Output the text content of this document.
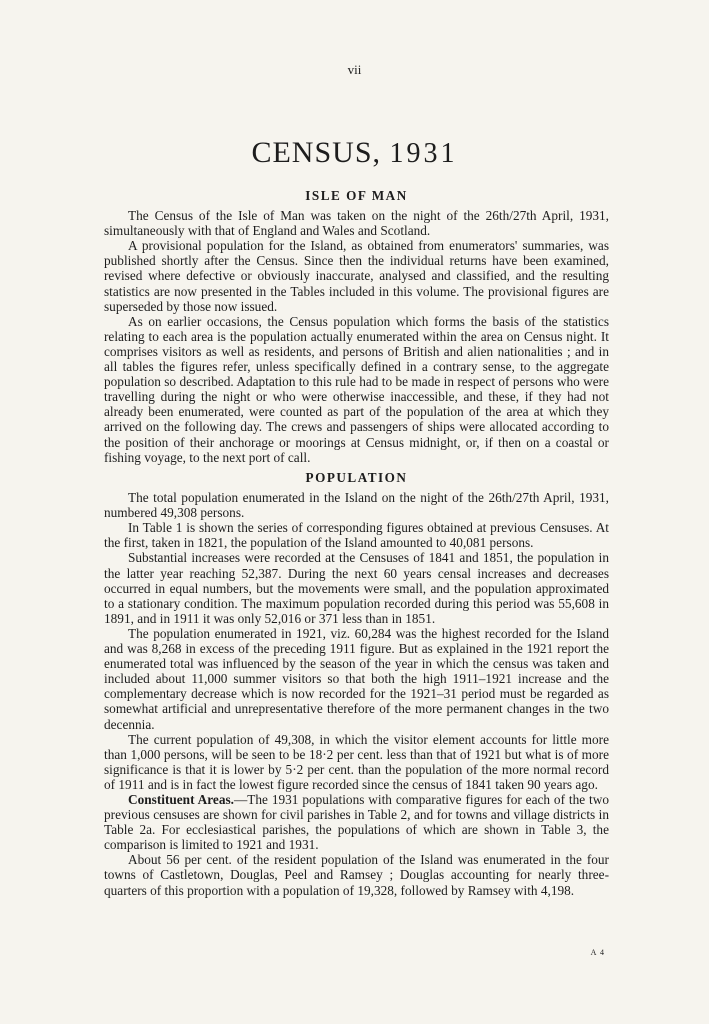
vii
CENSUS, 1931
ISLE OF MAN

The Census of the Isle of Man was taken on the night of the 26th/27th April, 1931, simultaneously with that of England and Wales and Scotland.

A provisional population for the Island, as obtained from enumerators' summaries, was published shortly after the Census. Since then the individual returns have been examined, revised where defective or obviously inaccurate, analysed and classified, and the resulting statistics are now presented in the Tables included in this volume. The provisional figures are superseded by those now issued.

As on earlier occasions, the Census population which forms the basis of the statistics relating to each area is the population actually enumerated within the area on Census night. It comprises visitors as well as residents, and persons of British and alien nationalities ; and in all tables the figures refer, unless specifically defined in a contrary sense, to the aggregate population so described. Adaptation to this rule had to be made in respect of persons who were travelling during the night or who were otherwise inaccessible, and these, if they had not already been enumerated, were counted as part of the population of the area at which they arrived on the following day. The crews and passengers of ships were allocated according to the position of their anchorage or moorings at Census midnight, or, if then on a coastal or fishing voyage, to the next port of call.

POPULATION

The total population enumerated in the Island on the night of the 26th/27th April, 1931, numbered 49,308 persons.

In Table 1 is shown the series of corresponding figures obtained at previous Censuses. At the first, taken in 1821, the population of the Island amounted to 40,081 persons.

Substantial increases were recorded at the Censuses of 1841 and 1851, the population in the latter year reaching 52,387. During the next 60 years censal increases and decreases occurred in equal numbers, but the movements were small, and the population approximated to a stationary condition. The maximum population recorded during this period was 55,608 in 1891, and in 1911 it was only 52,016 or 371 less than in 1851.

The population enumerated in 1921, viz. 60,284 was the highest recorded for the Island and was 8,268 in excess of the preceding 1911 figure. But as explained in the 1921 report the enumerated total was influenced by the season of the year in which the census was taken and included about 11,000 summer visitors so that both the high 1911–1921 increase and the complementary decrease which is now recorded for the 1921–31 period must be regarded as somewhat artificial and unrepresentative therefore of the more permanent changes in the two decennia.

The current population of 49,308, in which the visitor element accounts for little more than 1,000 persons, will be seen to be 18·2 per cent. less than that of 1921 but what is of more significance is that it is lower by 5·2 per cent. than the population of the more normal record of 1911 and is in fact the lowest figure recorded since the census of 1841 taken 90 years ago.

Constituent Areas.—The 1931 populations with comparative figures for each of the two previous censuses are shown for civil parishes in Table 2, and for towns and village districts in Table 2a. For ecclesiastical parishes, the populations of which are shown in Table 3, the comparison is limited to 1921 and 1931.

About 56 per cent. of the resident population of the Island was enumerated in the four towns of Castletown, Douglas, Peel and Ramsey ; Douglas accounting for nearly three-quarters of this proportion with a population of 19,328, followed by Ramsey with 4,198.

A 4
